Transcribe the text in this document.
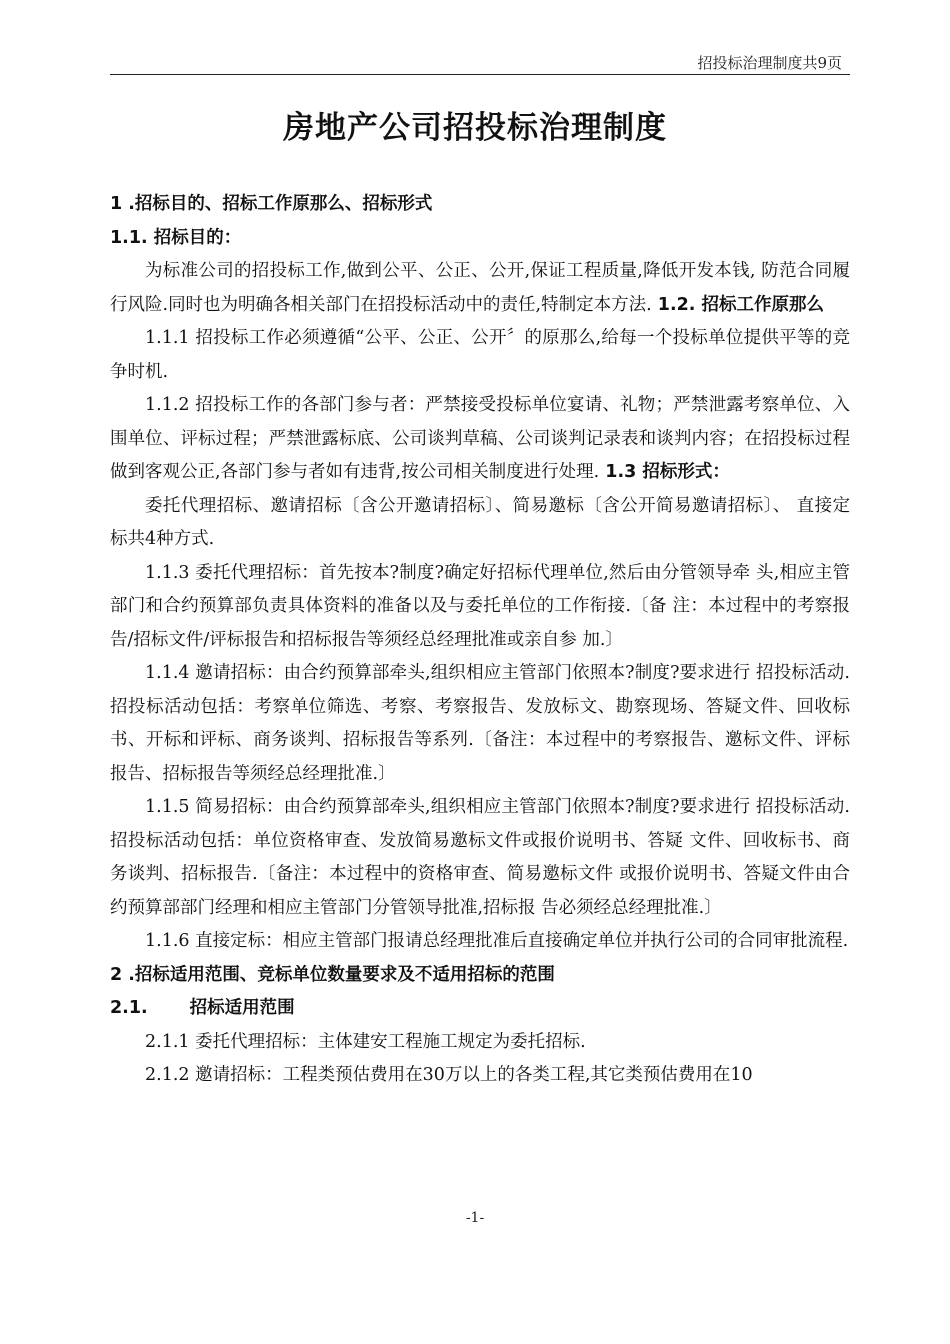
招投标治理制度共9页
房地产公司招投标治理制度

1 .招标目的、招标工作原那么、招标形式

1.1. 招标目的：

为标准公司的招投标工作,做到公平、公正、公开,保证工程质量,降低开发本钱, 防范合同履行风险.同时也为明确各相关部门在招投标活动中的责任,特制定本方法. 1.2. 招标工作原那么

1.1.1 招投标工作必须遵循“公平、公正、公开〞的原那么,给每一个投标单位提供平等的竞争时机.

1.1.2 招投标工作的各部门参与者：严禁接受投标单位宴请、礼物；严禁泄露考察单位、入围单位、评标过程；严禁泄露标底、公司谈判草稿、公司谈判记录表和谈判内容；在招投标过程做到客观公正,各部门参与者如有违背,按公司相关制度进行处理. 1.3 招标形式：

委托代理招标、邀请招标〔含公开邀请招标〕、简易邀标〔含公开简易邀请招标〕、 直接定标共4种方式.

1.1.3 委托代理招标：首先按本?制度?确定好招标代理单位,然后由分管领导牵 头,相应主管部门和合约预算部负责具体资料的准备以及与委托单位的工作衔接.〔备 注：本过程中的考察报告/招标文件/评标报告和招标报告等须经总经理批准或亲自参 加.〕

1.1.4 邀请招标：由合约预算部牵头,组织相应主管部门依照本?制度?要求进行 招投标活动.招投标活动包括：考察单位筛选、考察、考察报告、发放标文、勘察现场、答疑文件、回收标书、开标和评标、商务谈判、招标报告等系列.〔备注：本过程中的考察报告、邀标文件、评标报告、招标报告等须经总经理批准.〕

1.1.5 简易招标：由合约预算部牵头,组织相应主管部门依照本?制度?要求进行 招投标活动.招投标活动包括：单位资格审查、发放简易邀标文件或报价说明书、答疑 文件、回收标书、商务谈判、招标报告.〔备注：本过程中的资格审查、简易邀标文件 或报价说明书、答疑文件由合约预算部部门经理和相应主管部门分管领导批准,招标报 告必须经总经理批准.〕

1.1.6 直接定标：相应主管部门报请总经理批准后直接确定单位并执行公司的合同审批流程.

2 .招标适用范围、竞标单位数量要求及不适用招标的范围

2.1. 招标适用范围

2.1.1 委托代理招标：主体建安工程施工规定为委托招标.

2.1.2 邀请招标：工程类预估费用在30万以上的各类工程,其它类预估费用在10

-1-
